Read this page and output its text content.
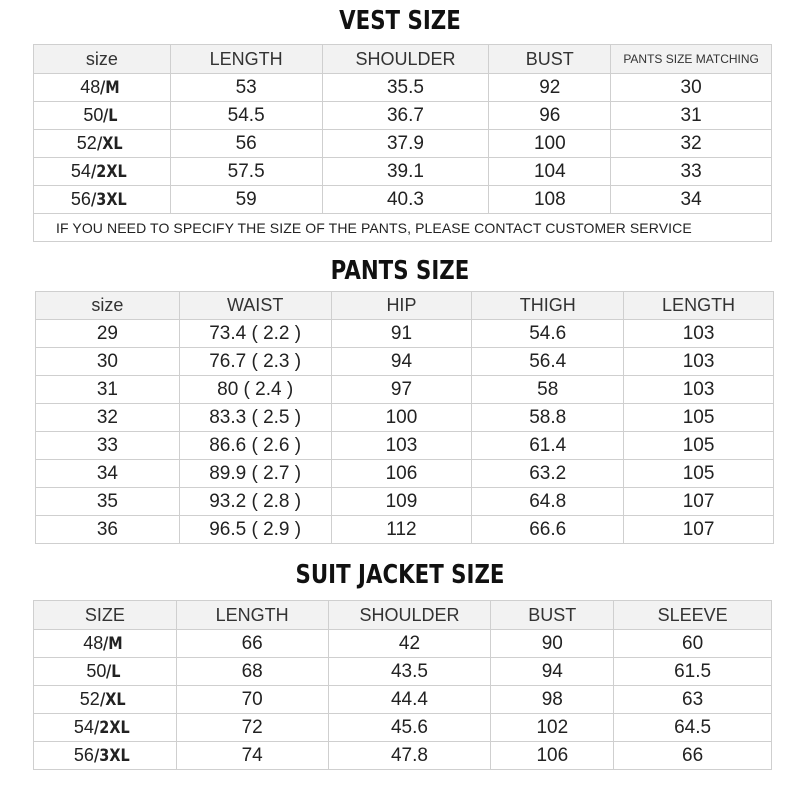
VEST SIZE
size	LENGTH	SHOULDER	BUST	PANTS SIZE MATCHING
48/M	53	35.5	92	30
50/L	54.5	36.7	96	31
52/XL	56	37.9	100	32
54/2XL	57.5	39.1	104	33
56/3XL	59	40.3	108	34
IF YOU NEED TO SPECIFY THE SIZE OF THE PANTS, PLEASE CONTACT CUSTOMER SERVICE				
PANTS SIZE
size	WAIST	HIP	THIGH	LENGTH
29	73.4 ( 2.2 )	91	54.6	103
30	76.7 ( 2.3 )	94	56.4	103
31	80 ( 2.4 )	97	58	103
32	83.3 ( 2.5 )	100	58.8	105
33	86.6 ( 2.6 )	103	61.4	105
34	89.9 ( 2.7 )	106	63.2	105
35	93.2 ( 2.8 )	109	64.8	107
36	96.5 ( 2.9 )	112	66.6	107
SUIT JACKET SIZE
SIZE	LENGTH	SHOULDER	BUST	SLEEVE
48/M	66	42	90	60
50/L	68	43.5	94	61.5
52/XL	70	44.4	98	63
54/2XL	72	45.6	102	64.5
56/3XL	74	47.8	106	66
